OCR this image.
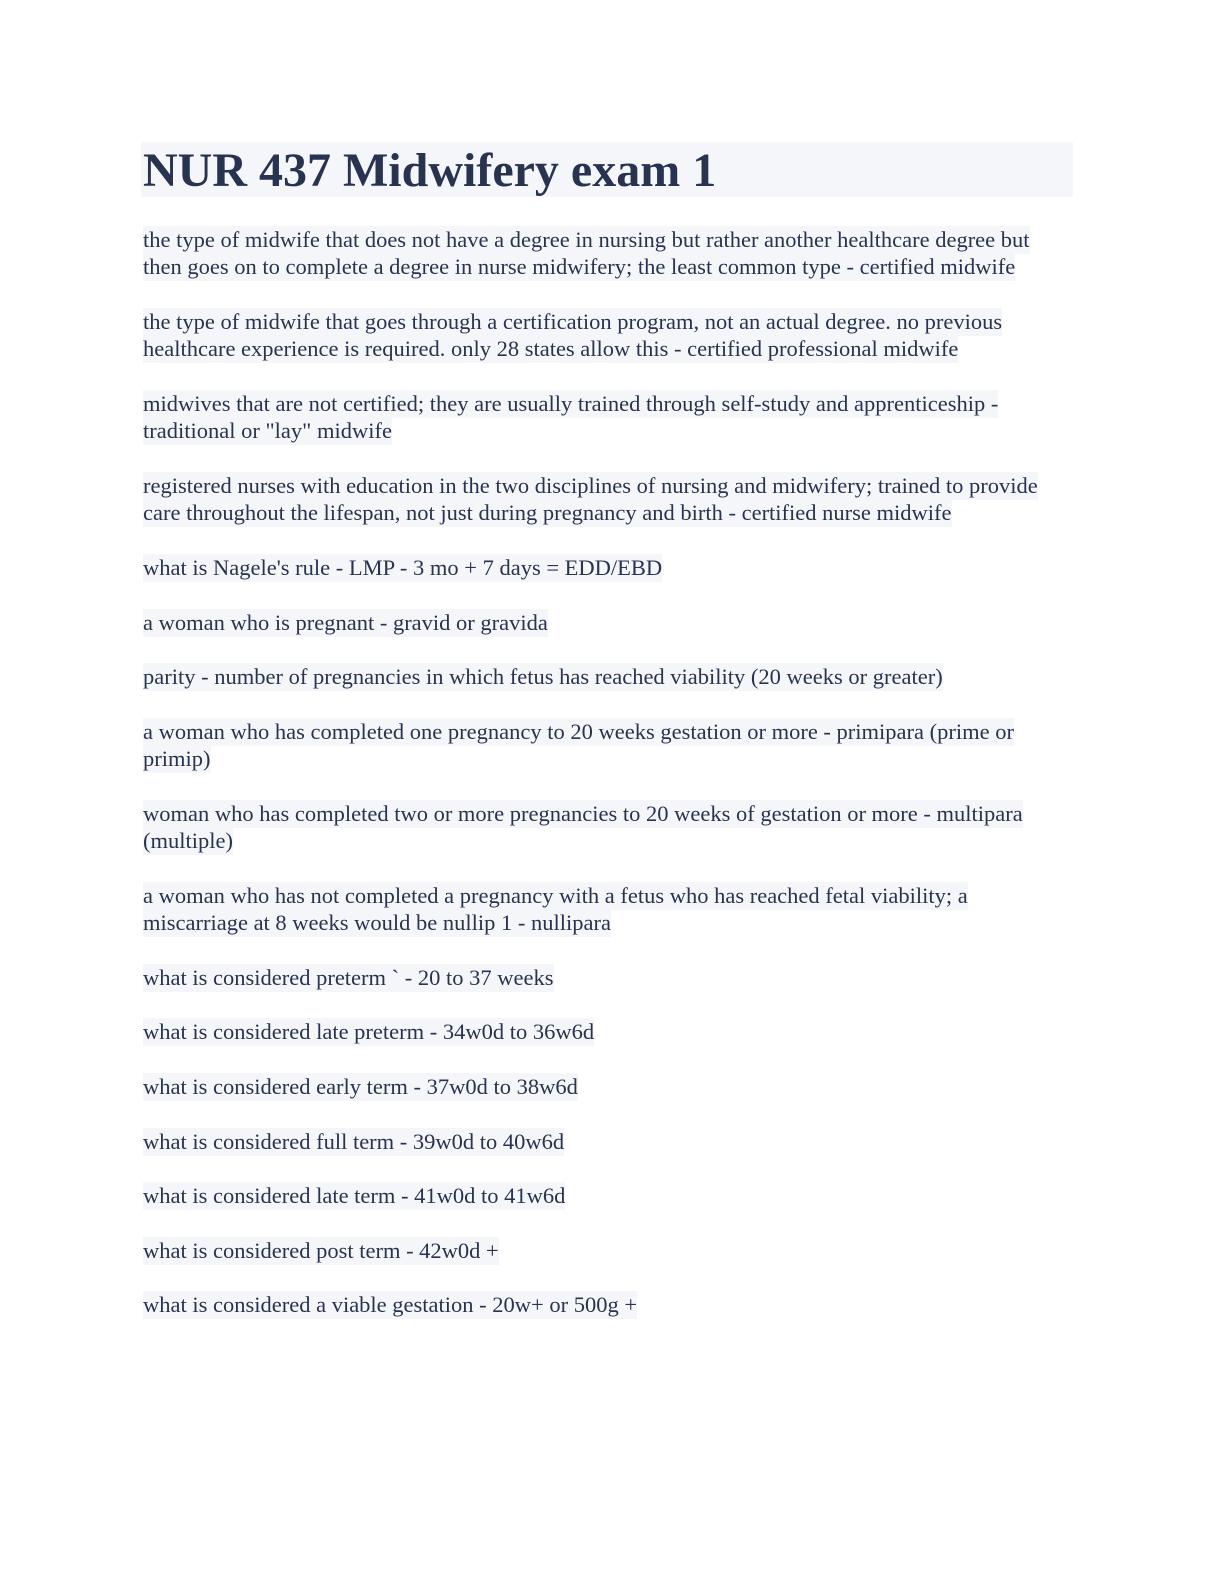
NUR 437 Midwifery exam 1

the type of midwife that does not have a degree in nursing but rather another healthcare degree but then goes on to complete a degree in nurse midwifery; the least common type - certified midwife

the type of midwife that goes through a certification program, not an actual degree. no previous healthcare experience is required. only 28 states allow this - certified professional midwife

midwives that are not certified; they are usually trained through self-study and apprenticeship - traditional or "lay" midwife

registered nurses with education in the two disciplines of nursing and midwifery; trained to provide care throughout the lifespan, not just during pregnancy and birth - certified nurse midwife

what is Nagele's rule - LMP - 3 mo + 7 days = EDD/EBD

a woman who is pregnant - gravid or gravida

parity - number of pregnancies in which fetus has reached viability (20 weeks or greater)

a woman who has completed one pregnancy to 20 weeks gestation or more - primipara (prime or primip)

woman who has completed two or more pregnancies to 20 weeks of gestation or more - multipara (multiple)

a woman who has not completed a pregnancy with a fetus who has reached fetal viability; a miscarriage at 8 weeks would be nullip 1 - nullipara

what is considered preterm ` - 20 to 37 weeks

what is considered late preterm - 34w0d to 36w6d

what is considered early term - 37w0d to 38w6d

what is considered full term - 39w0d to 40w6d

what is considered late term - 41w0d to 41w6d

what is considered post term - 42w0d +

what is considered a viable gestation - 20w+ or 500g +
